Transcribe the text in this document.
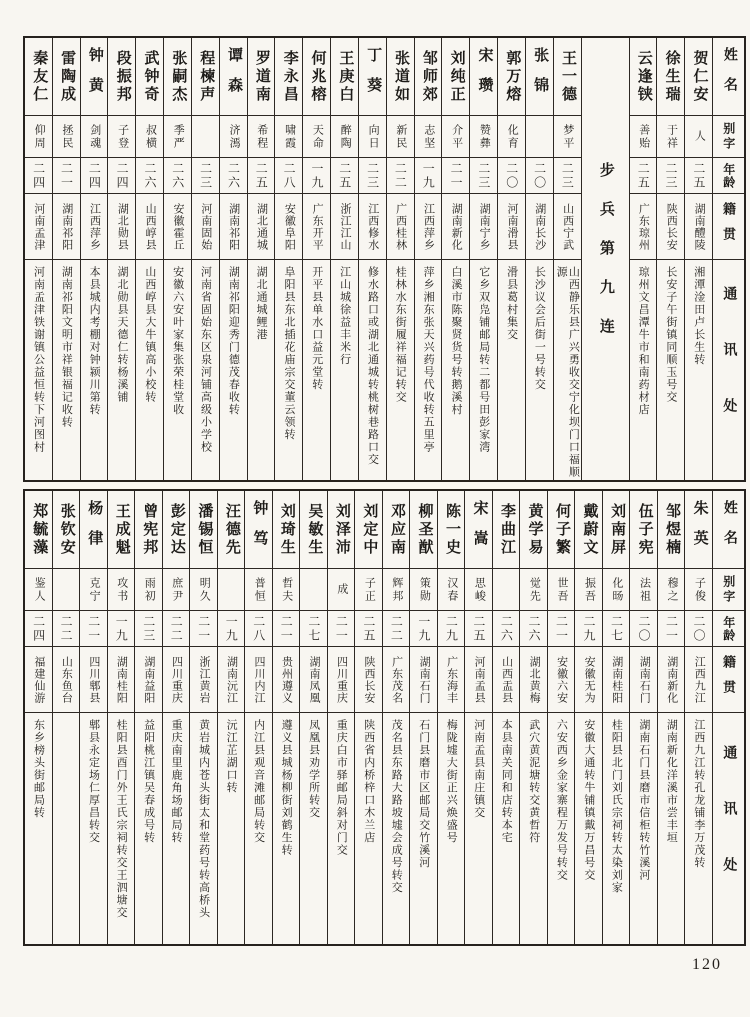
姓名
别字
年龄
籍贯
通讯处
贺仁安
人
二五
湖南醴陵
湘潭淦田卢长生转
徐生瑞
于祥
二三
陕西长安
长安子午街镇同顺玉号交
云逢铗
善贻
二五
广东琼州
琼州文昌潭牛市和南药材店
步兵第九连
王一德
梦平
二三
山西宁武
山西静乐县广兴勇收交宁化坝门口福顺源
张锦
二〇
湖南长沙
长沙议会后街一号转交
郭万熔
化育
二〇
河南滑县
滑县葛村集交
宋瓒
赞彝
二三
湖南宁乡
它乡双凫铺邮局转二都号田彭家湾
刘纯正
介平
二一
湖南新化
白溪市陈聚贤货号转鹅溪村
邹师郊
志坚
一九
江西萍乡
萍乡湘东张天兴药号代收转五里亭
张道如
新民
二二
广西桂林
桂林水东街履祥福记转交
丁葵
向日
二三
江西修水
修水路口或湖北通城转桃树巷路口交
王庚白
醉陶
二五
浙江江山
江山城徐益丰米行
何兆榕
天命
一九
广东开平
开平县单水口益元堂转
李永昌
啸霞
二八
安徽阜阳
阜阳县东北插花庙宗交董云领转
罗道南
希程
二五
湖北通城
湖北通城鲤港
谭森
济漹
二六
湖南祁阳
湖南祁阳迎秀门德茂春收转
程楝声
二三
河南固始
河南省固始东区泉河铺高级小学校
张嗣杰
季严
二六
安徽霍丘
安徽六安叶家集张荣桂堂收
武钟奇
叔横
二六
山西崞县
山西崞县大牛镇高小校转
段振邦
子登
二四
湖北勋县
湖北勋县天德仁转杨溪铺
钟黄
剑魂
二四
江西萍乡
本县城内考棚对钟颍川第转
雷陶成
拯民
二一
湖南祁阳
湖南祁阳文明市祥银福记收转
秦友仁
仰周
二四
河南孟津
河南孟津铁谢镇公益恒转下河图村
姓名
别字
年龄
籍贯
通讯处
朱英
子俊
二〇
江西九江
江西九江转孔龙铺李万茂转
邹煜楠
穆之
二一
湖南新化
湖南新化洋溪市尝丰垣
伍子宪
法祖
二〇
湖南石门
湖南石门县磨市信柜转竹溪河
刘南屏
化旸
二七
湖南桂阳
桂阳县北门刘氏宗祠转太染刘家
戴蔚文
振吾
二九
安徽无为
安徽大通转牛铺镇戴万昌号交
何子繁
世吾
二一
安徽六安
六安西乡金家寨程万发号转交
黄学易
觉先
二六
湖北黄梅
武穴黄泥塘转交黄哲符
李曲江
二六
山西盂县
本县南关同和店转本宅
宋嵩
思峻
二五
河南孟县
河南孟县南庄镇交
陈一史
汉春
二九
广东海丰
梅陇墟大街正兴焕盛号
柳圣猷
策勋
一九
湖南石门
石门县磨市区邮局交竹溪河
邓应南
辉邦
二二
广东茂名
茂名县东路大路坡墟会成号转交
刘定中
子正
二五
陕西长安
陕西省内桥梓口木兰店
刘泽沛
成
二一
四川重庆
重庆白市驿邮局斜对门交
吴敏生
二七
湖南凤凰
凤凰县劝学所转交
刘琦生
哲夫
二一
贵州遵义
遵义县城杨柳街刘鹤生转
钟笃
普恒
二八
四川内江
内江县观音滩邮局转交
汪德先
一九
湖南沅江
沅江芷湖口转
潘锡恒
明久
二一
浙江黄岩
黄岩城内苍头街太和堂药号转高桥头
彭定达
庶尹
二二
四川重庆
重庆南里鹿角场邮局转
曾宪邦
雨初
二三
湖南益阳
益阳桃江镇吴春成号转
王成魁
攻书
一九
湖南桂阳
桂阳县酉门外王氏宗祠转交王泗塘交
杨律
克宁
二一
四川郫县
郫县永定场仁厚昌转交
张钦安
二二
山东鱼台
郑毓藻
鉴人
二四
福建仙游
东乡榜头街邮局转
120
